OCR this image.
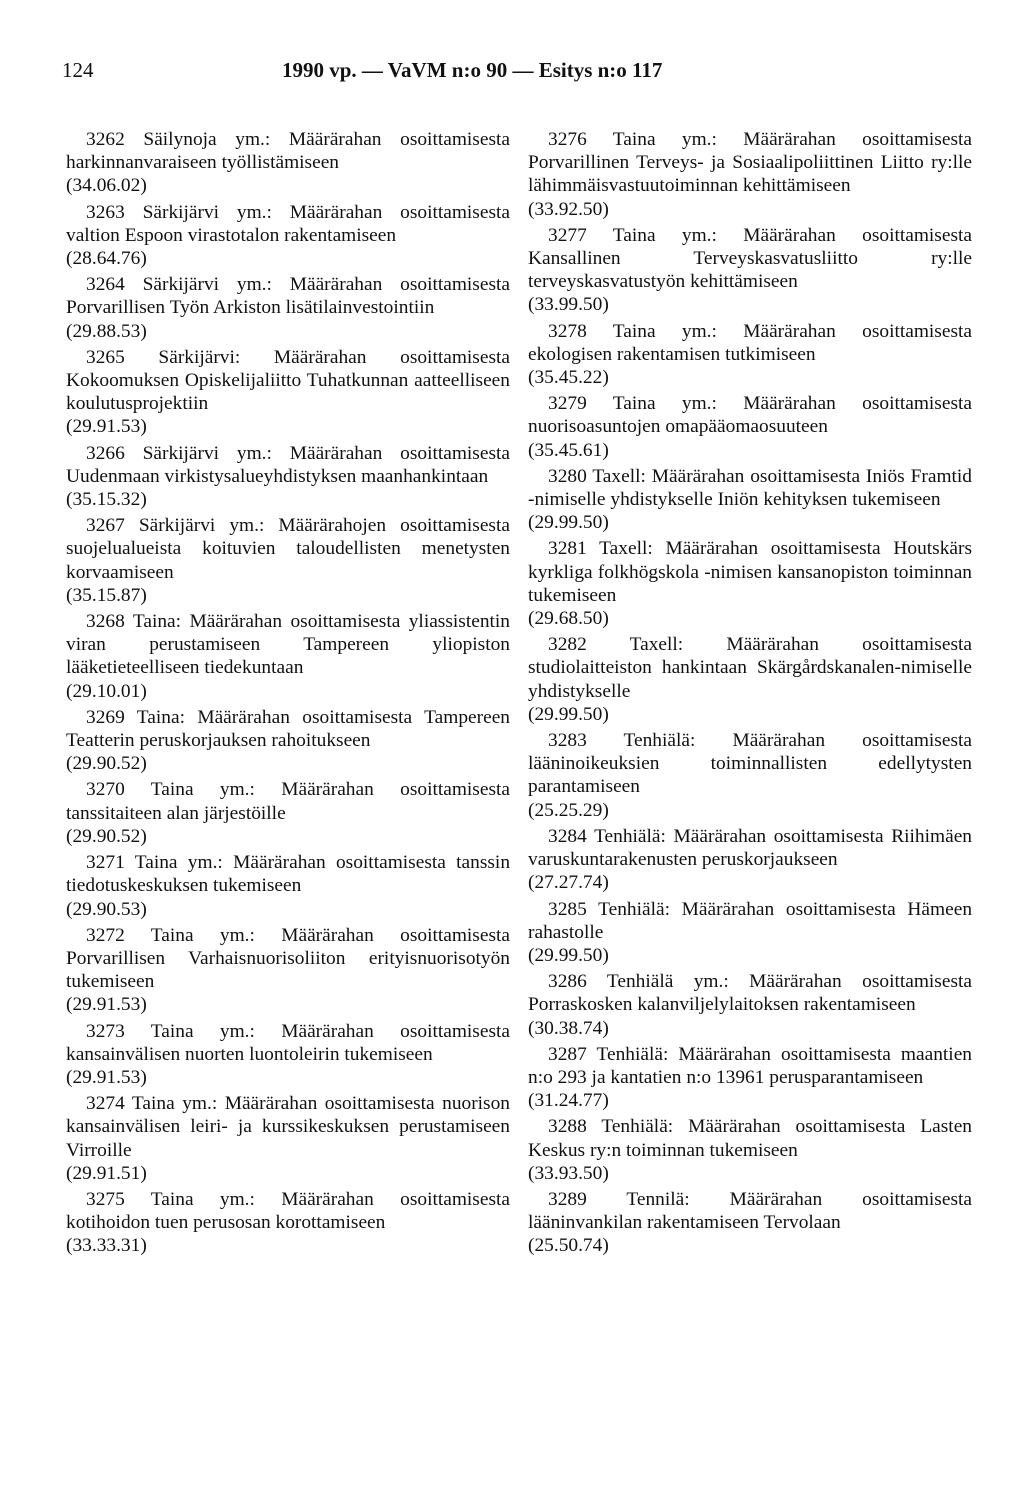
124	1990 vp. — VaVM n:o 90 — Esitys n:o 117

3262 Säilynoja ym.: Määrärahan osoittamisesta harkinnanvaraiseen työllistämiseen
(34.06.02)

3263 Särkijärvi ym.: Määrärahan osoittamisesta valtion Espoon virastotalon rakentamiseen
(28.64.76)

3264 Särkijärvi ym.: Määrärahan osoittamisesta Porvarillisen Työn Arkiston lisätilainvestointiin
(29.88.53)

3265 Särkijärvi: Määrärahan osoittamisesta Kokoomuksen Opiskelijaliitto Tuhatkunnan aatteelliseen koulutusprojektiin
(29.91.53)

3266 Särkijärvi ym.: Määrärahan osoittamisesta Uudenmaan virkistysalueyhdistyksen maanhankintaan
(35.15.32)

3267 Särkijärvi ym.: Määrärahojen osoittamisesta suojelualueista koituvien taloudellisten menetysten korvaamiseen
(35.15.87)

3268 Taina: Määrärahan osoittamisesta yliassistentin viran perustamiseen Tampereen yliopiston lääketieteelliseen tiedekuntaan
(29.10.01)

3269 Taina: Määrärahan osoittamisesta Tampereen Teatterin peruskorjauksen rahoitukseen
(29.90.52)

3270 Taina ym.: Määrärahan osoittamisesta tanssitaiteen alan järjestöille
(29.90.52)

3271 Taina ym.: Määrärahan osoittamisesta tanssin tiedotuskeskuksen tukemiseen
(29.90.53)

3272 Taina ym.: Määrärahan osoittamisesta Porvarillisen Varhaisnuorisoliiton erityisnuorisotyön tukemiseen
(29.91.53)

3273 Taina ym.: Määrärahan osoittamisesta kansainvälisen nuorten luontoleirin tukemiseen
(29.91.53)

3274 Taina ym.: Määrärahan osoittamisesta nuorison kansainvälisen leiri- ja kurssikeskuksen perustamiseen Virroille
(29.91.51)

3275 Taina ym.: Määrärahan osoittamisesta kotihoidon tuen perusosan korottamiseen
(33.33.31)

3276 Taina ym.: Määrärahan osoittamisesta Porvarillinen Terveys- ja Sosiaalipoliittinen Liitto ry:lle lähimmäisvastuutoiminnan kehittämiseen
(33.92.50)

3277 Taina ym.: Määrärahan osoittamisesta Kansallinen Terveyskasvatusliitto ry:lle terveyskasvatustyön kehittämiseen
(33.99.50)

3278 Taina ym.: Määrärahan osoittamisesta ekologisen rakentamisen tutkimiseen
(35.45.22)

3279 Taina ym.: Määrärahan osoittamisesta nuorisoasuntojen omapääomaosuuteen
(35.45.61)

3280 Taxell: Määrärahan osoittamisesta Iniös Framtid -nimiselle yhdistykselle Iniön kehityksen tukemiseen
(29.99.50)

3281 Taxell: Määrärahan osoittamisesta Houtskärs kyrkliga folkhögskola -nimisen kansanopiston toiminnan tukemiseen
(29.68.50)

3282 Taxell: Määrärahan osoittamisesta studiolaitteiston hankintaan Skärgårdskanalen-nimiselle yhdistykselle
(29.99.50)

3283 Tenhiälä: Määrärahan osoittamisesta lääninoikeuksien toiminnallisten edellytysten parantamiseen
(25.25.29)

3284 Tenhiälä: Määrärahan osoittamisesta Riihimäen varuskuntarakenusten peruskorjaukseen
(27.27.74)

3285 Tenhiälä: Määrärahan osoittamisesta Hämeen rahastolle
(29.99.50)

3286 Tenhiälä ym.: Määrärahan osoittamisesta Porraskosken kalanviljelylaitoksen rakentamiseen
(30.38.74)

3287 Tenhiälä: Määrärahan osoittamisesta maantien n:o 293 ja kantatien n:o 13961 perusparantamiseen
(31.24.77)

3288 Tenhiälä: Määrärahan osoittamisesta Lasten Keskus ry:n toiminnan tukemiseen
(33.93.50)

3289 Tennilä: Määrärahan osoittamisesta lääninvankilan rakentamiseen Tervolaan
(25.50.74)
